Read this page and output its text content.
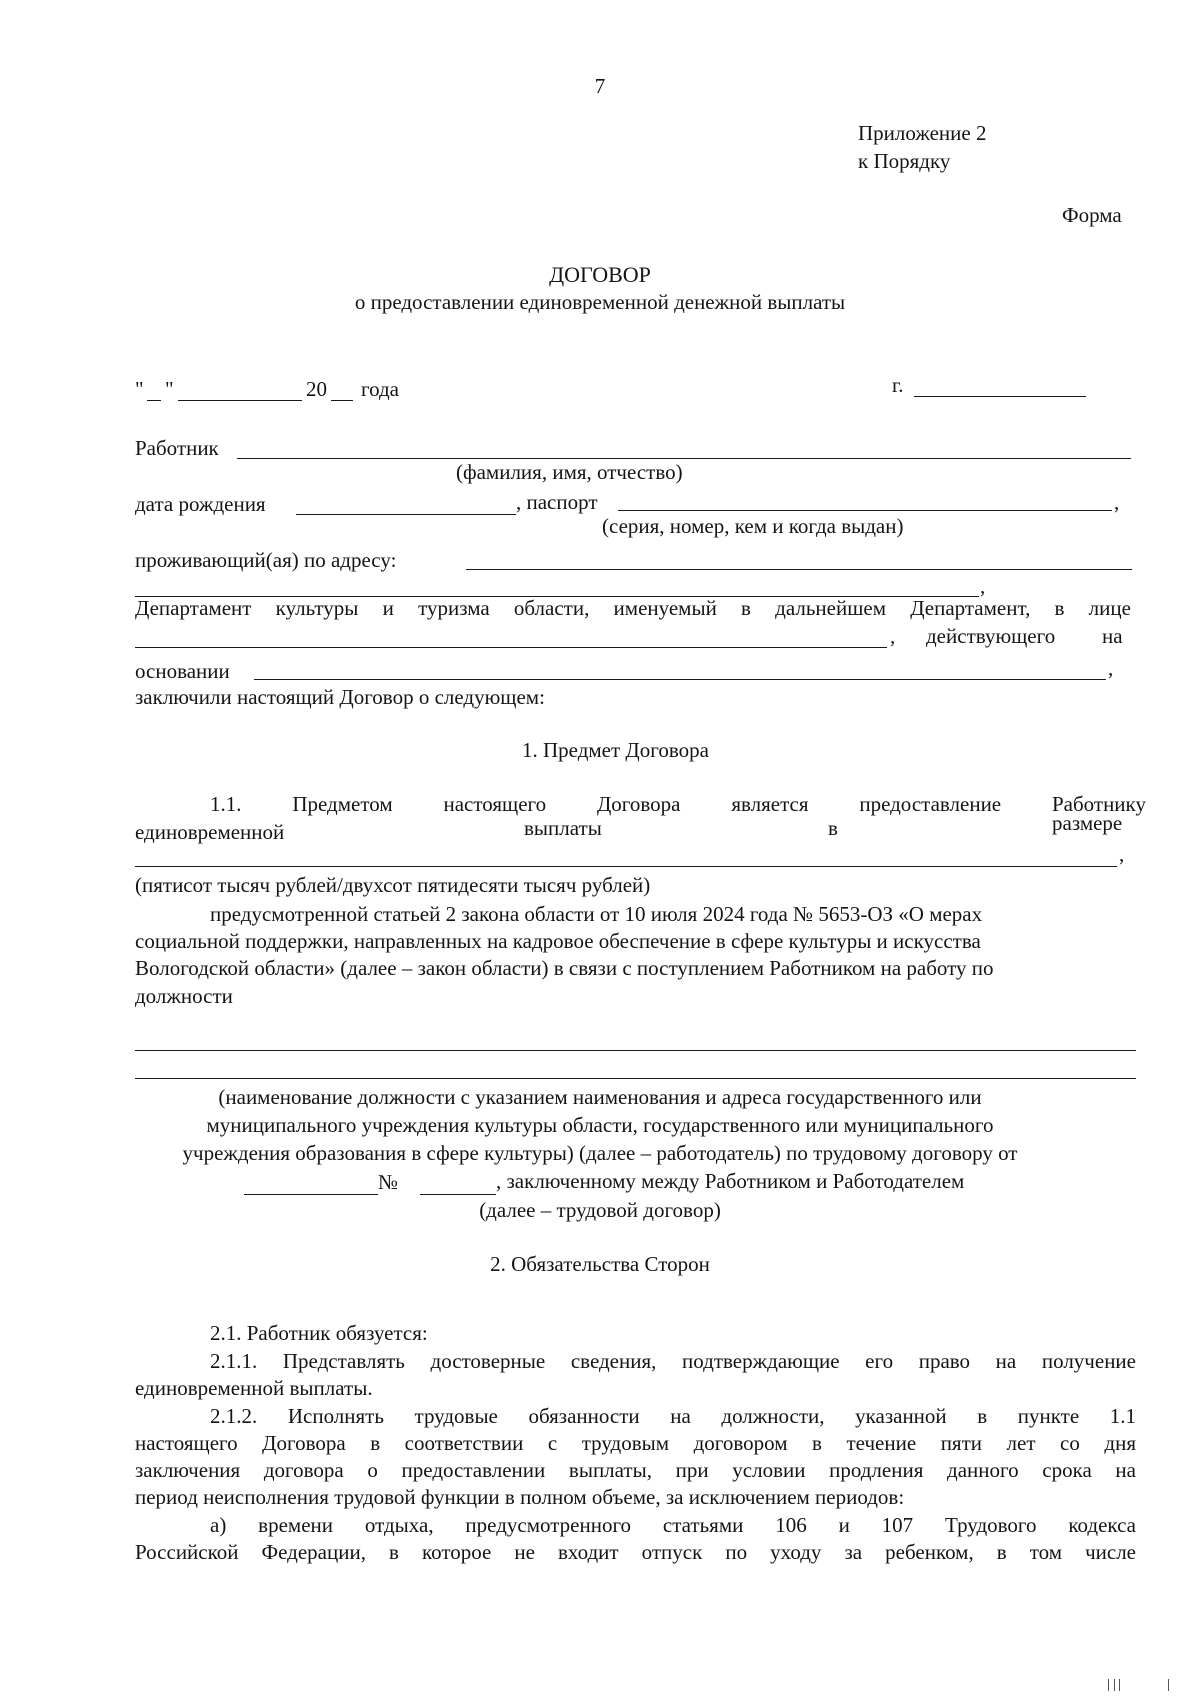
7
Приложение 2
к Порядку
Форма
ДОГОВОР
о предоставлении единовременной денежной выплаты
" "	20 года	г.
Работник
(фамилия, имя, отчество)
дата рождения	, паспорт	,
(серия, номер, кем и когда выдан)
проживающий(ая) по адресу:
,
Департамент культуры и туризма области, именуемый в дальнейшем Департамент, в лице
, действующего на
основании	,
заключили настоящий Договор о следующем:
1. Предмет Договора
1.1. Предметом настоящего Договора является предоставление Работнику
единовременной	выплаты	в	размере
,
(пятисот тысяч рублей/двухсот пятидесяти тысяч рублей)
предусмотренной статьей 2 закона области от 10 июля 2024 года № 5653-ОЗ «О мерах
социальной поддержки, направленных на кадровое обеспечение в сфере культуры и искусства
Вологодской области» (далее – закон области) в связи с поступлением Работником на работу по
должности
(наименование должности с указанием наименования и адреса государственного или
муниципального учреждения культуры области, государственного или муниципального
учреждения образования в сфере культуры) (далее – работодатель) по трудовому договору от
№	, заключенному между Работником и Работодателем
(далее – трудовой договор)
2. Обязательства Сторон
2.1. Работник обязуется:
2.1.1. Представлять достоверные сведения, подтверждающие его право на получение
единовременной выплаты.
2.1.2. Исполнять трудовые обязанности на должности, указанной в пункте 1.1
настоящего Договора в соответствии с трудовым договором в течение пяти лет со дня
заключения договора о предоставлении выплаты, при условии продления данного срока на
период неисполнения трудовой функции в полном объеме, за исключением периодов:
а) времени отдыха, предусмотренного статьями 106 и 107 Трудового кодекса
Российской Федерации, в которое не входит отпуск по уходу за ребенком, в том числе
